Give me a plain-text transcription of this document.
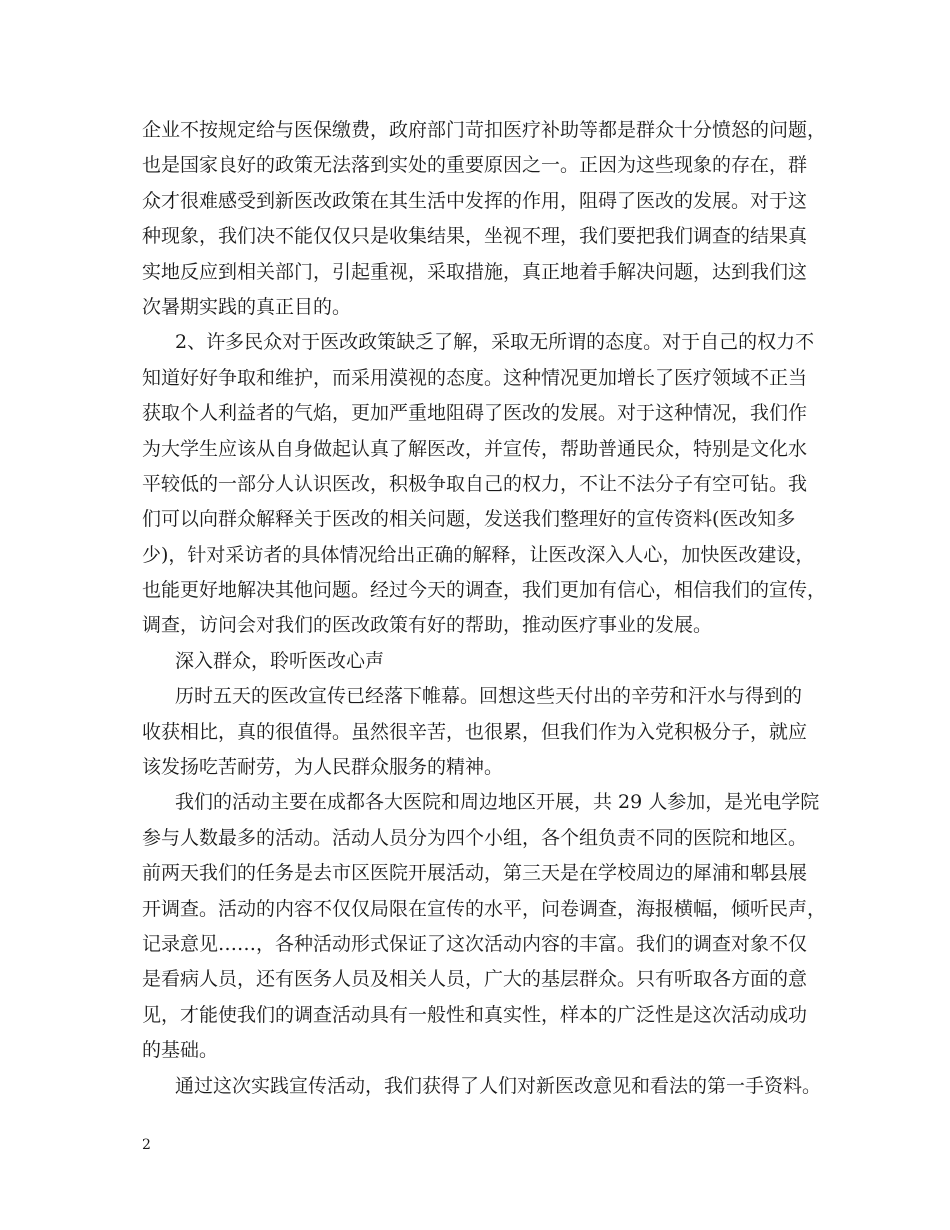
企业不按规定给与医保缴费，政府部门苛扣医疗补助等都是群众十分愤怒的问题，
也是国家良好的政策无法落到实处的重要原因之一。正因为这些现象的存在，群
众才很难感受到新医改政策在其生活中发挥的作用，阻碍了医改的发展。对于这
种现象，我们决不能仅仅只是收集结果，坐视不理，我们要把我们调查的结果真
实地反应到相关部门，引起重视，采取措施，真正地着手解决问题，达到我们这
次暑期实践的真正目的。
2、许多民众对于医改政策缺乏了解，采取无所谓的态度。对于自己的权力不
知道好好争取和维护，而采用漠视的态度。这种情况更加增长了医疗领域不正当
获取个人利益者的气焰，更加严重地阻碍了医改的发展。对于这种情况，我们作
为大学生应该从自身做起认真了解医改，并宣传，帮助普通民众，特别是文化水
平较低的一部分人认识医改，积极争取自己的权力，不让不法分子有空可钻。我
们可以向群众解释关于医改的相关问题，发送我们整理好的宣传资料(医改知多
少)，针对采访者的具体情况给出正确的解释，让医改深入人心，加快医改建设，
也能更好地解决其他问题。经过今天的调查，我们更加有信心，相信我们的宣传，
调查，访问会对我们的医改政策有好的帮助，推动医疗事业的发展。
深入群众，聆听医改心声
历时五天的医改宣传已经落下帷幕。回想这些天付出的辛劳和汗水与得到的
收获相比，真的很值得。虽然很辛苦，也很累，但我们作为入党积极分子，就应
该发扬吃苦耐劳，为人民群众服务的精神。
我们的活动主要在成都各大医院和周边地区开展，共 29 人参加，是光电学院
参与人数最多的活动。活动人员分为四个小组，各个组负责不同的医院和地区。
前两天我们的任务是去市区医院开展活动，第三天是在学校周边的犀浦和郫县展
开调查。活动的内容不仅仅局限在宣传的水平，问卷调查，海报横幅，倾听民声，
记录意见……，各种活动形式保证了这次活动内容的丰富。我们的调查对象不仅
是看病人员，还有医务人员及相关人员，广大的基层群众。只有听取各方面的意
见，才能使我们的调查活动具有一般性和真实性，样本的广泛性是这次活动成功
的基础。
通过这次实践宣传活动，我们获得了人们对新医改意见和看法的第一手资料。
2
